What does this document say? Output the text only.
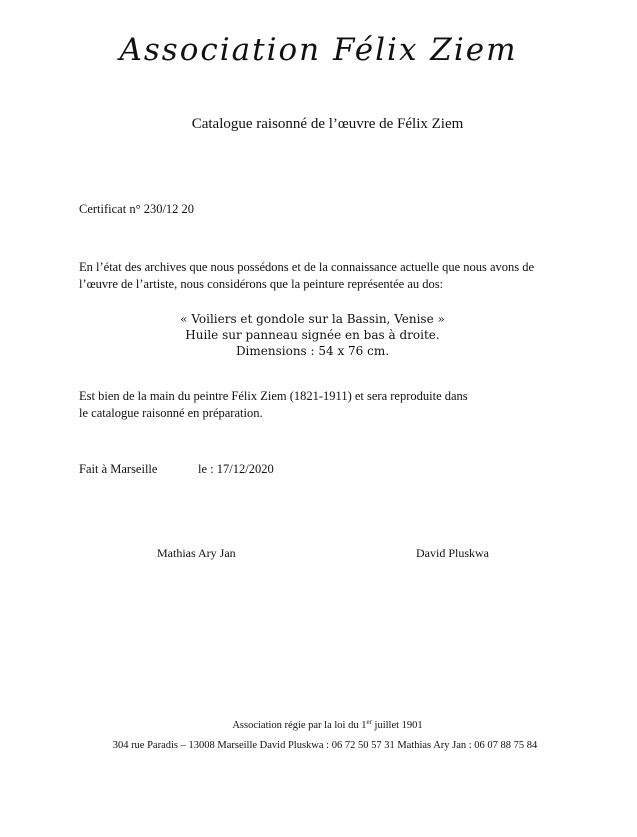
Association Félix Ziem
Catalogue raisonné de l’œuvre de Félix Ziem
Certificat n° 230/12 20
En l’état des archives que nous possédons et de la connaissance actuelle que nous avons de
l’œuvre de l’artiste, nous considérons que la peinture représentée au dos:
« Voiliers et gondole sur la Bassin, Venise »
Huile sur panneau signée en bas à droite.
Dimensions : 54 x 76 cm.
Est bien de la main du peintre Félix Ziem (1821-1911) et sera reproduite dans
le catalogue raisonné en préparation.
Fait à Marseille	le : 17/12/2020
Mathias Ary Jan	David Pluskwa
Association régie par la loi du 1er juillet 1901
304 rue Paradis – 13008 Marseille David Pluskwa : 06 72 50 57 31 Mathias Ary Jan : 06 07 88 75 84
